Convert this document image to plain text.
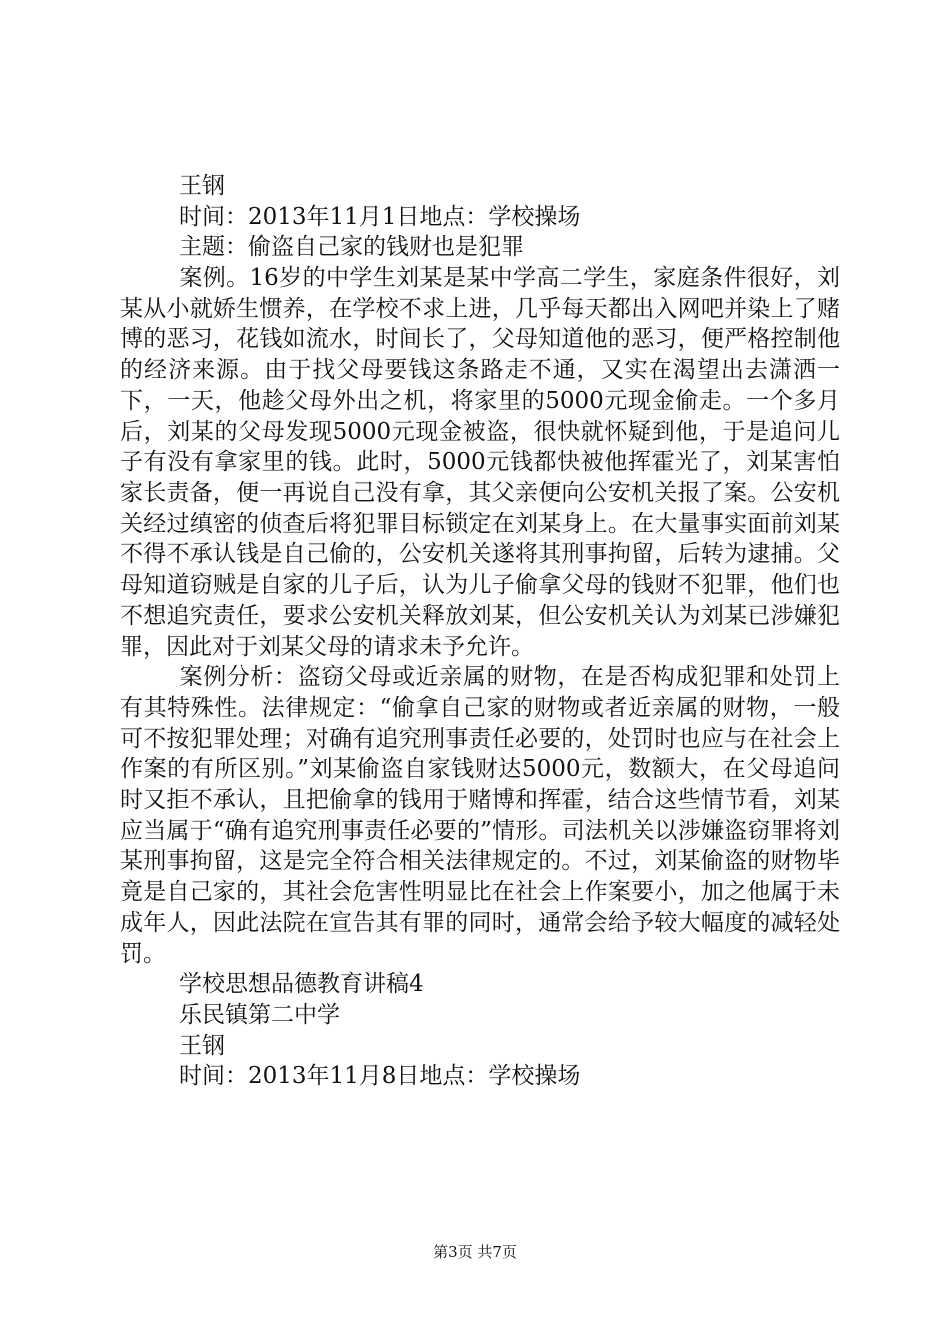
王钢
时间：2013年11月1日地点：学校操场
主题：偷盗自己家的钱财也是犯罪
案例。16岁的中学生刘某是某中学高二学生，家庭条件很好，刘某从小就娇生惯养，在学校不求上进，几乎每天都出入网吧并染上了赌博的恶习，花钱如流水，时间长了，父母知道他的恶习，便严格控制他的经济来源。由于找父母要钱这条路走不通，又实在渴望出去潇洒一下，一天，他趁父母外出之机，将家里的5000元现金偷走。一个多月后，刘某的父母发现5000元现金被盗，很快就怀疑到他，于是追问儿子有没有拿家里的钱。此时，5000元钱都快被他挥霍光了，刘某害怕家长责备，便一再说自己没有拿，其父亲便向公安机关报了案。公安机关经过缜密的侦查后将犯罪目标锁定在刘某身上。在大量事实面前刘某不得不承认钱是自己偷的，公安机关遂将其刑事拘留，后转为逮捕。父母知道窃贼是自家的儿子后，认为儿子偷拿父母的钱财不犯罪，他们也不想追究责任，要求公安机关释放刘某，但公安机关认为刘某已涉嫌犯罪，因此对于刘某父母的请求未予允许。
案例分析：盗窃父母或近亲属的财物，在是否构成犯罪和处罚上有其特殊性。法律规定：“偷拿自己家的财物或者近亲属的财物，一般可不按犯罪处理；对确有追究刑事责任必要的，处罚时也应与在社会上作案的有所区别。”刘某偷盗自家钱财达5000元，数额大，在父母追问时又拒不承认，且把偷拿的钱用于赌博和挥霍，结合这些情节看，刘某应当属于“确有追究刑事责任必要的”情形。司法机关以涉嫌盗窃罪将刘某刑事拘留，这是完全符合相关法律规定的。不过，刘某偷盗的财物毕竟是自己家的，其社会危害性明显比在社会上作案要小，加之他属于未成年人，因此法院在宣告其有罪的同时，通常会给予较大幅度的减轻处罚。
学校思想品德教育讲稿4
乐民镇第二中学
王钢
时间：2013年11月8日地点：学校操场
第3页 共7页
